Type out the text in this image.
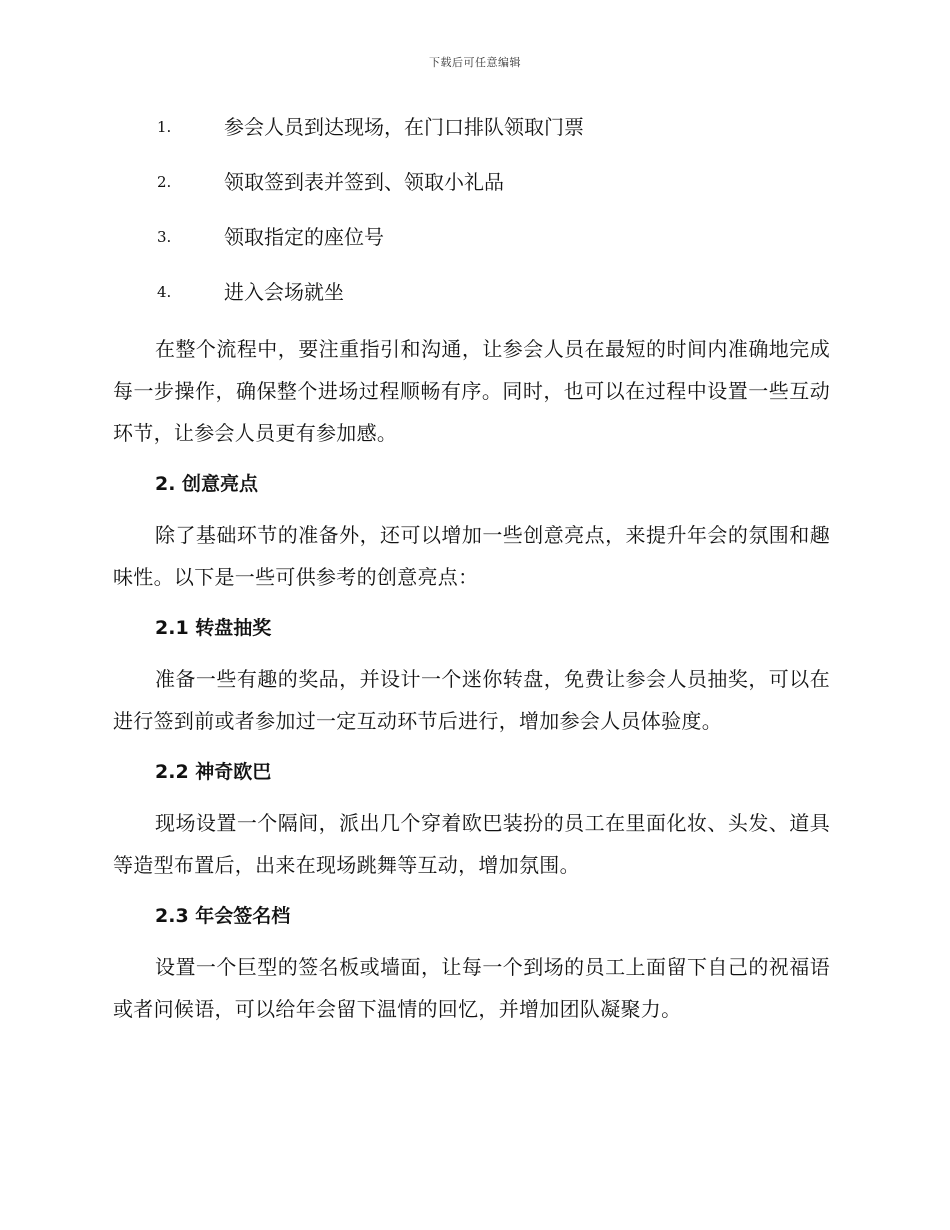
下载后可任意编辑
1.	参会人员到达现场，在门口排队领取门票
2.	领取签到表并签到、领取小礼品
3.	领取指定的座位号
4.	进入会场就坐

在整个流程中，要注重指引和沟通，让参会人员在最短的时间内准确地完成每一步操作，确保整个进场过程顺畅有序。同时，也可以在过程中设置一些互动环节，让参会人员更有参加感。

2. 创意亮点

除了基础环节的准备外，还可以增加一些创意亮点，来提升年会的氛围和趣味性。以下是一些可供参考的创意亮点：

2.1 转盘抽奖

准备一些有趣的奖品，并设计一个迷你转盘，免费让参会人员抽奖，可以在进行签到前或者参加过一定互动环节后进行，增加参会人员体验度。

2.2 神奇欧巴

现场设置一个隔间，派出几个穿着欧巴装扮的员工在里面化妆、头发、道具等造型布置后，出来在现场跳舞等互动，增加氛围。

2.3 年会签名档

设置一个巨型的签名板或墙面，让每一个到场的员工上面留下自己的祝福语或者问候语，可以给年会留下温情的回忆，并增加团队凝聚力。
